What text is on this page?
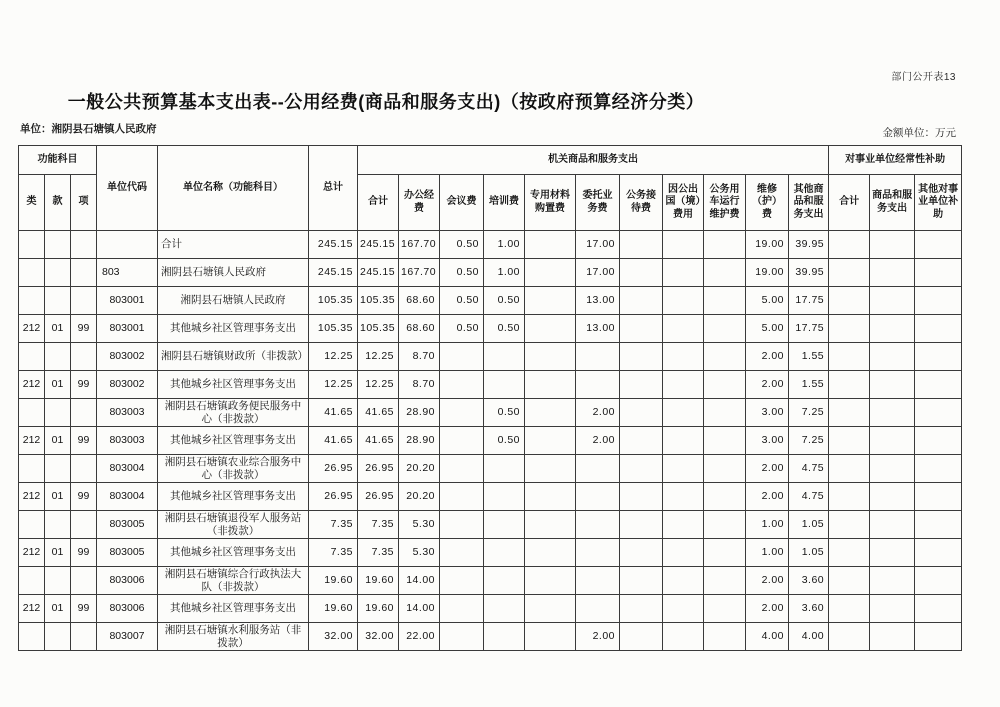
部门公开表13
一般公共预算基本支出表--公用经费(商品和服务支出)（按政府预算经济分类）
单位：湘阴县石塘镇人民政府	金额单位：万元
功能科目			单位代码	单位名称（功能科目）	总计	机关商品和服务支出											对事业单位经常性补助		
类	款	项				合计	办公经费	会议费	培训费	专用材料购置费	委托业务费	公务接待费	因公出国（境）费用	公务用车运行维护费	维修（护）费	其他商品和服务支出	合计	商品和服务支出	其他对事业单位补助
				合计	245.15	245.15	167.70	0.50	1.00		17.00				19.00	39.95			
			803	湘阴县石塘镇人民政府	245.15	245.15	167.70	0.50	1.00		17.00				19.00	39.95			
			803001	湘阴县石塘镇人民政府	105.35	105.35	68.60	0.50	0.50		13.00				5.00	17.75			
212	01	99	803001	其他城乡社区管理事务支出	105.35	105.35	68.60	0.50	0.50		13.00				5.00	17.75			
			803002	湘阴县石塘镇财政所（非拨款）	12.25	12.25	8.70								2.00	1.55			
212	01	99	803002	其他城乡社区管理事务支出	12.25	12.25	8.70								2.00	1.55			
			803003	湘阴县石塘镇政务便民服务中心（非拨款）	41.65	41.65	28.90		0.50		2.00				3.00	7.25			
212	01	99	803003	其他城乡社区管理事务支出	41.65	41.65	28.90		0.50		2.00				3.00	7.25			
			803004	湘阴县石塘镇农业综合服务中心（非拨款）	26.95	26.95	20.20								2.00	4.75			
212	01	99	803004	其他城乡社区管理事务支出	26.95	26.95	20.20								2.00	4.75			
			803005	湘阴县石塘镇退役军人服务站（非拨款）	7.35	7.35	5.30								1.00	1.05			
212	01	99	803005	其他城乡社区管理事务支出	7.35	7.35	5.30								1.00	1.05			
			803006	湘阴县石塘镇综合行政执法大队（非拨款）	19.60	19.60	14.00								2.00	3.60			
212	01	99	803006	其他城乡社区管理事务支出	19.60	19.60	14.00								2.00	3.60			
			803007	湘阴县石塘镇水利服务站（非拨款）	32.00	32.00	22.00				2.00				4.00	4.00			
